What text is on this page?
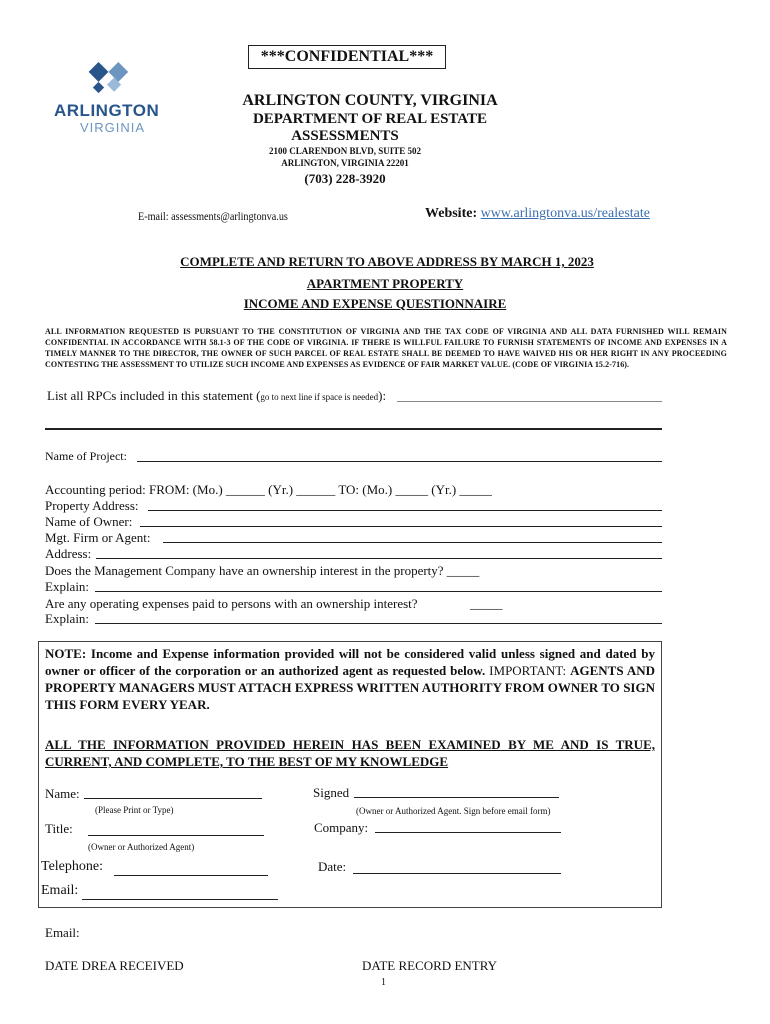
***CONFIDENTIAL***
ARLINGTON
VIRGINIA
ARLINGTON COUNTY, VIRGINIA
DEPARTMENT OF REAL ESTATE
ASSESSMENTS
2100 CLARENDON BLVD, SUITE 502
ARLINGTON, VIRGINIA 22201
(703) 228-3920
E-mail: assessments@arlingtonva.us	Website: www.arlingtonva.us/realestate
COMPLETE AND RETURN TO ABOVE ADDRESS BY MARCH 1, 2023
APARTMENT PROPERTY
INCOME AND EXPENSE QUESTIONNAIRE
ALL INFORMATION REQUESTED IS PURSUANT TO THE CONSTITUTION OF VIRGINIA AND THE TAX CODE OF VIRGINIA AND ALL DATA FURNISHED WILL REMAIN CONFIDENTIAL IN ACCORDANCE WITH 58.1-3 OF THE CODE OF VIRGINIA. IF THERE IS WILLFUL FAILURE TO FURNISH STATEMENTS OF INCOME AND EXPENSES IN A TIMELY MANNER TO THE DIRECTOR, THE OWNER OF SUCH PARCEL OF REAL ESTATE SHALL BE DEEMED TO HAVE WAIVED HIS OR HER RIGHT IN ANY PROCEEDING CONTESTING THE ASSESSMENT TO UTILIZE SUCH INCOME AND EXPENSES AS EVIDENCE OF FAIR MARKET VALUE. (CODE OF VIRGINIA 15.2-716).
List all RPCs included in this statement (go to next line if space is needed):
Name of Project:
Accounting period: FROM: (Mo.) ______ (Yr.) ______ TO: (Mo.) _____ (Yr.) _____
Property Address:
Name of Owner:
Mgt. Firm or Agent:
Address:
Does the Management Company have an ownership interest in the property? _____
Explain:
Are any operating expenses paid to persons with an ownership interest?	_____
Explain:
NOTE: Income and Expense information provided will not be considered valid unless signed and dated by owner or officer of the corporation or an authorized agent as requested below. IMPORTANT: AGENTS AND PROPERTY MANAGERS MUST ATTACH EXPRESS WRITTEN AUTHORITY FROM OWNER TO SIGN THIS FORM EVERY YEAR.
ALL THE INFORMATION PROVIDED HEREIN HAS BEEN EXAMINED BY ME AND IS TRUE, CURRENT, AND COMPLETE, TO THE BEST OF MY KNOWLEDGE
Name:
(Please Print or Type)
Signed
(Owner or Authorized Agent. Sign before email form)
Title:
(Owner or Authorized Agent)
Company:
Telephone:	Date:
Email:
Email:
DATE DREA RECEIVED	DATE RECORD ENTRY
1
